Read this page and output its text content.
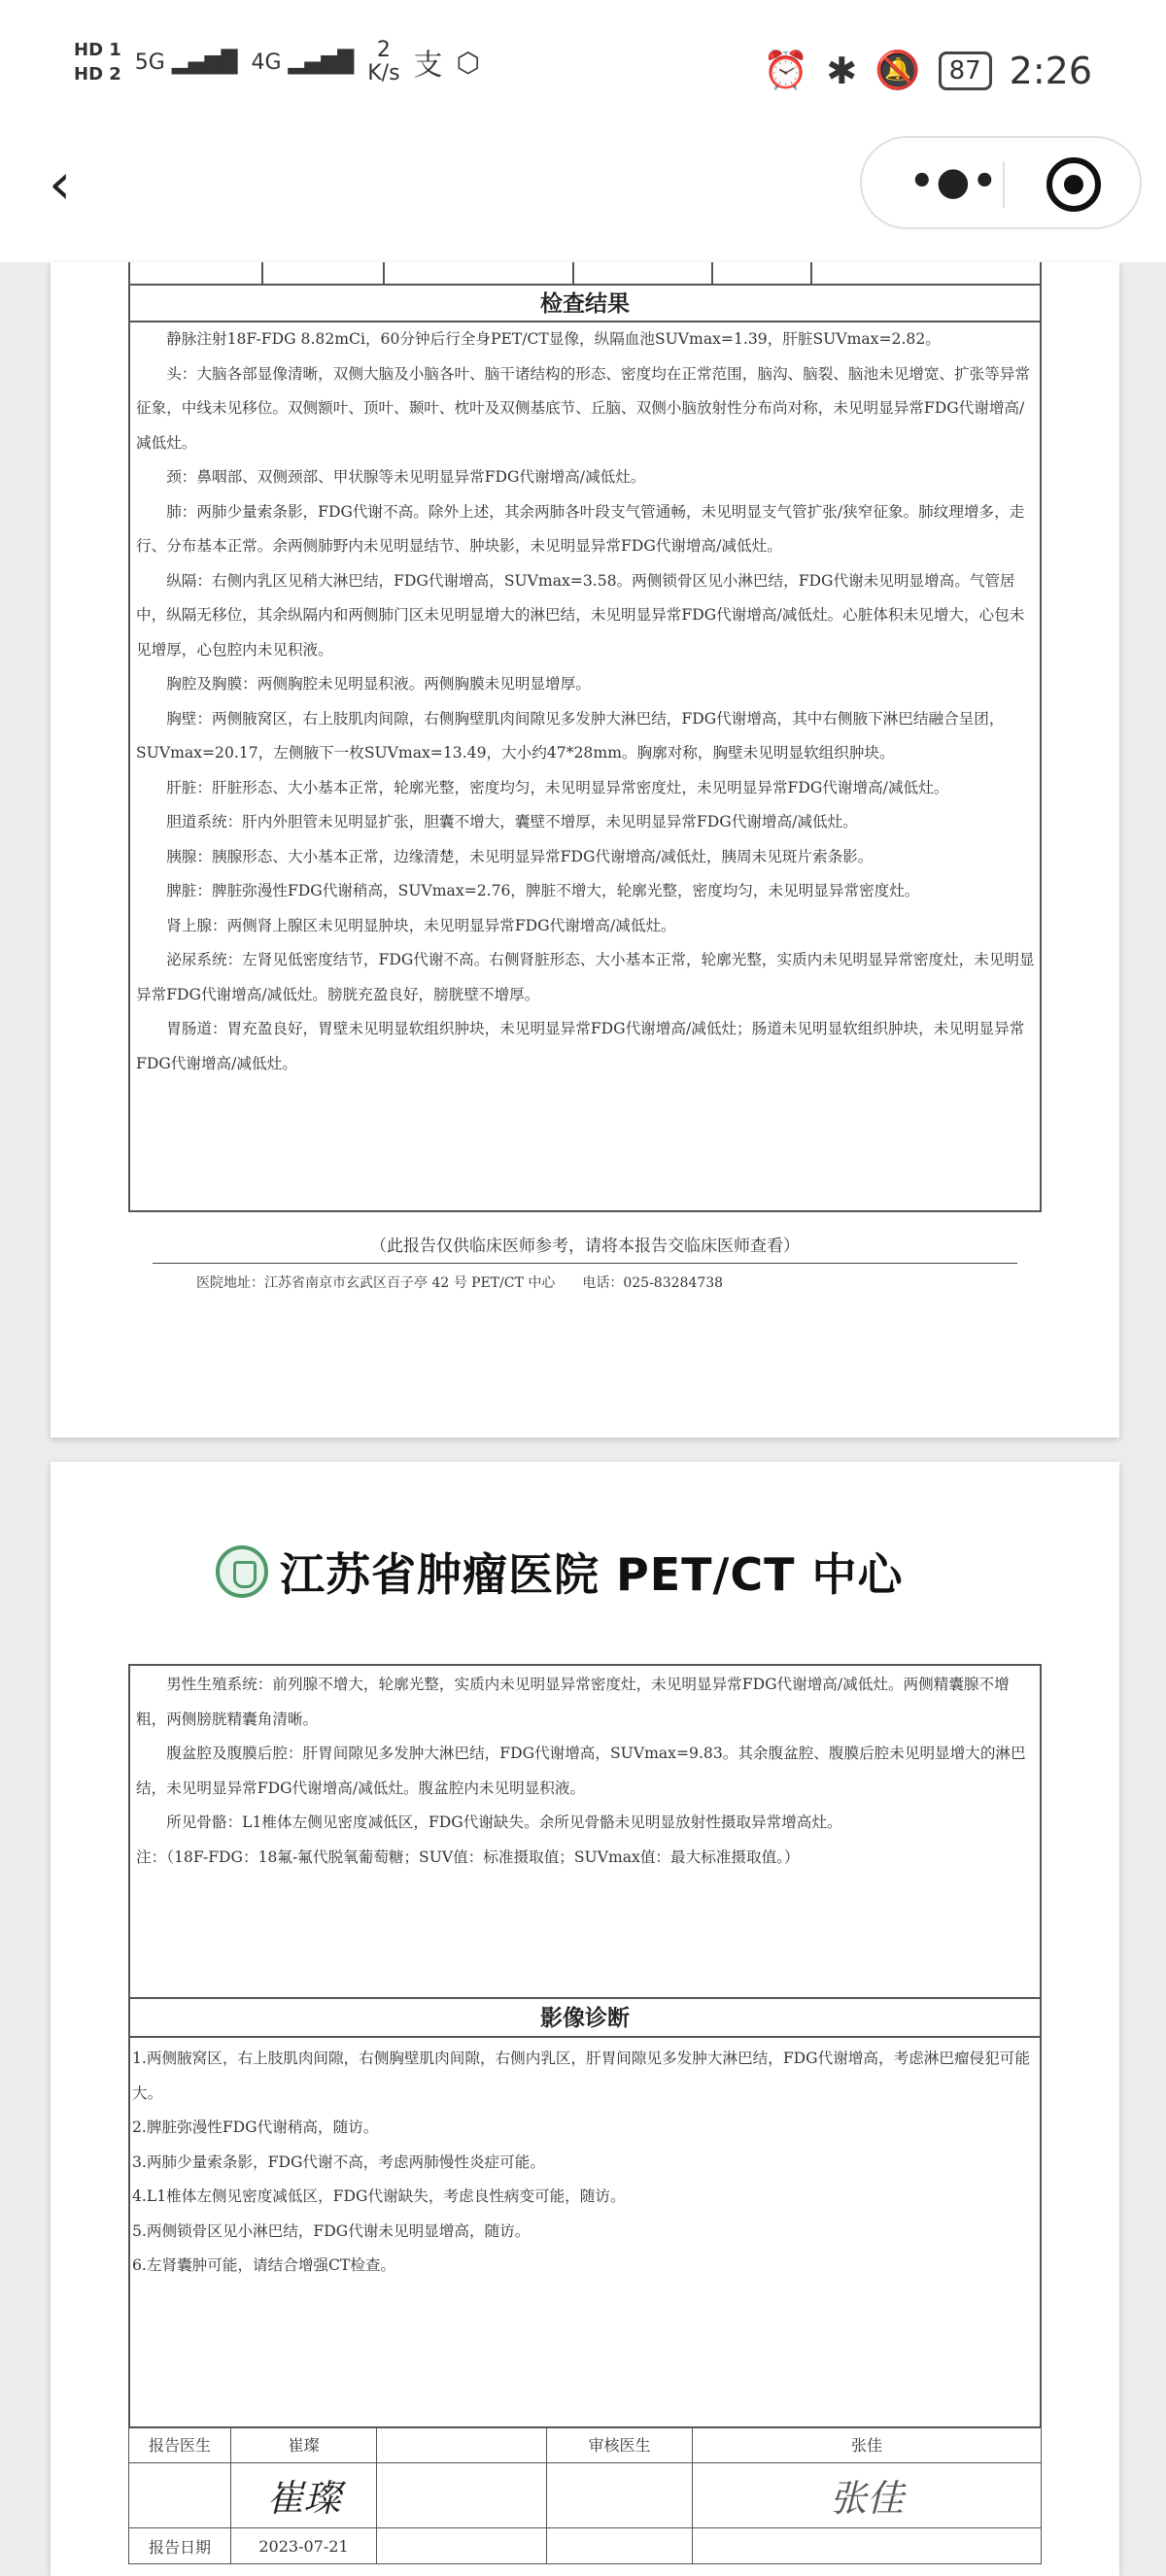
HD 1
HD 2 5G ▂▄▆█ 4G ▂▄▆█ 2
K/s 支 ⬡	⏰ ✱ 🔕	87 2:26
‹	•●•
检查结果

静脉注射18F-FDG 8.82mCi，60分钟后行全身PET/CT显像，纵隔血池SUVmax=1.39，肝脏SUVmax=2.82。

头：大脑各部显像清晰，双侧大脑及小脑各叶、脑干诸结构的形态、密度均在正常范围，脑沟、脑裂、脑池未见增宽、扩张等异常征象，中线未见移位。双侧额叶、顶叶、颞叶、枕叶及双侧基底节、丘脑、双侧小脑放射性分布尚对称，未见明显异常FDG代谢增高/减低灶。

颈：鼻咽部、双侧颈部、甲状腺等未见明显异常FDG代谢增高/减低灶。

肺：两肺少量索条影，FDG代谢不高。除外上述，其余两肺各叶段支气管通畅，未见明显支气管扩张/狭窄征象。肺纹理增多，走行、分布基本正常。余两侧肺野内未见明显结节、肿块影，未见明显异常FDG代谢增高/减低灶。

纵隔：右侧内乳区见稍大淋巴结，FDG代谢增高，SUVmax=3.58。两侧锁骨区见小淋巴结，FDG代谢未见明显增高。气管居中，纵隔无移位，其余纵隔内和两侧肺门区未见明显增大的淋巴结，未见明显异常FDG代谢增高/减低灶。心脏体积未见增大，心包未见增厚，心包腔内未见积液。

胸腔及胸膜：两侧胸腔未见明显积液。两侧胸膜未见明显增厚。

胸壁：两侧腋窝区，右上肢肌肉间隙，右侧胸壁肌肉间隙见多发肿大淋巴结，FDG代谢增高，其中右侧腋下淋巴结融合呈团，SUVmax=20.17，左侧腋下一枚SUVmax=13.49，大小约47*28mm。胸廓对称，胸壁未见明显软组织肿块。

肝脏：肝脏形态、大小基本正常，轮廓光整，密度均匀，未见明显异常密度灶，未见明显异常FDG代谢增高/减低灶。

胆道系统：肝内外胆管未见明显扩张，胆囊不增大，囊壁不增厚，未见明显异常FDG代谢增高/减低灶。

胰腺：胰腺形态、大小基本正常，边缘清楚，未见明显异常FDG代谢增高/减低灶，胰周未见斑片索条影。

脾脏：脾脏弥漫性FDG代谢稍高，SUVmax=2.76，脾脏不增大，轮廓光整，密度均匀，未见明显异常密度灶。

肾上腺：两侧肾上腺区未见明显肿块，未见明显异常FDG代谢增高/减低灶。

泌尿系统：左肾见低密度结节，FDG代谢不高。右侧肾脏形态、大小基本正常，轮廓光整，实质内未见明显异常密度灶，未见明显异常FDG代谢增高/减低灶。膀胱充盈良好，膀胱壁不增厚。

胃肠道：胃充盈良好，胃壁未见明显软组织肿块，未见明显异常FDG代谢增高/减低灶；肠道未见明显软组织肿块，未见明显异常FDG代谢增高/减低灶。

（此报告仅供临床医师参考，请将本报告交临床医师查看）
医院地址：江苏省南京市玄武区百子亭 42 号 PET/CT 中心　　电话：025-83284738
江苏省肿瘤医院 PET/CT 中心

男性生殖系统：前列腺不增大，轮廓光整，实质内未见明显异常密度灶，未见明显异常FDG代谢增高/减低灶。两侧精囊腺不增粗，两侧膀胱精囊角清晰。

腹盆腔及腹膜后腔：肝胃间隙见多发肿大淋巴结，FDG代谢增高，SUVmax=9.83。其余腹盆腔、腹膜后腔未见明显增大的淋巴结，未见明显异常FDG代谢增高/减低灶。腹盆腔内未见明显积液。

所见骨骼：L1椎体左侧见密度减低区，FDG代谢缺失。余所见骨骼未见明显放射性摄取异常增高灶。

注：（18F-FDG：18氟-氟代脱氧葡萄糖；SUV值：标准摄取值；SUVmax值：最大标准摄取值。）

影像诊断

1.两侧腋窝区，右上肢肌肉间隙，右侧胸壁肌肉间隙，右侧内乳区，肝胃间隙见多发肿大淋巴结，FDG代谢增高，考虑淋巴瘤侵犯可能大。

2.脾脏弥漫性FDG代谢稍高，随访。

3.两肺少量索条影，FDG代谢不高，考虑两肺慢性炎症可能。

4.L1椎体左侧见密度减低区，FDG代谢缺失，考虑良性病变可能，随访。

5.两侧锁骨区见小淋巴结，FDG代谢未见明显增高，随访。

6.左肾囊肿可能，请结合增强CT检查。

报告医生	崔璨		审核医生	张佳
	崔璨			张佳
报告日期	2023-07-21			
